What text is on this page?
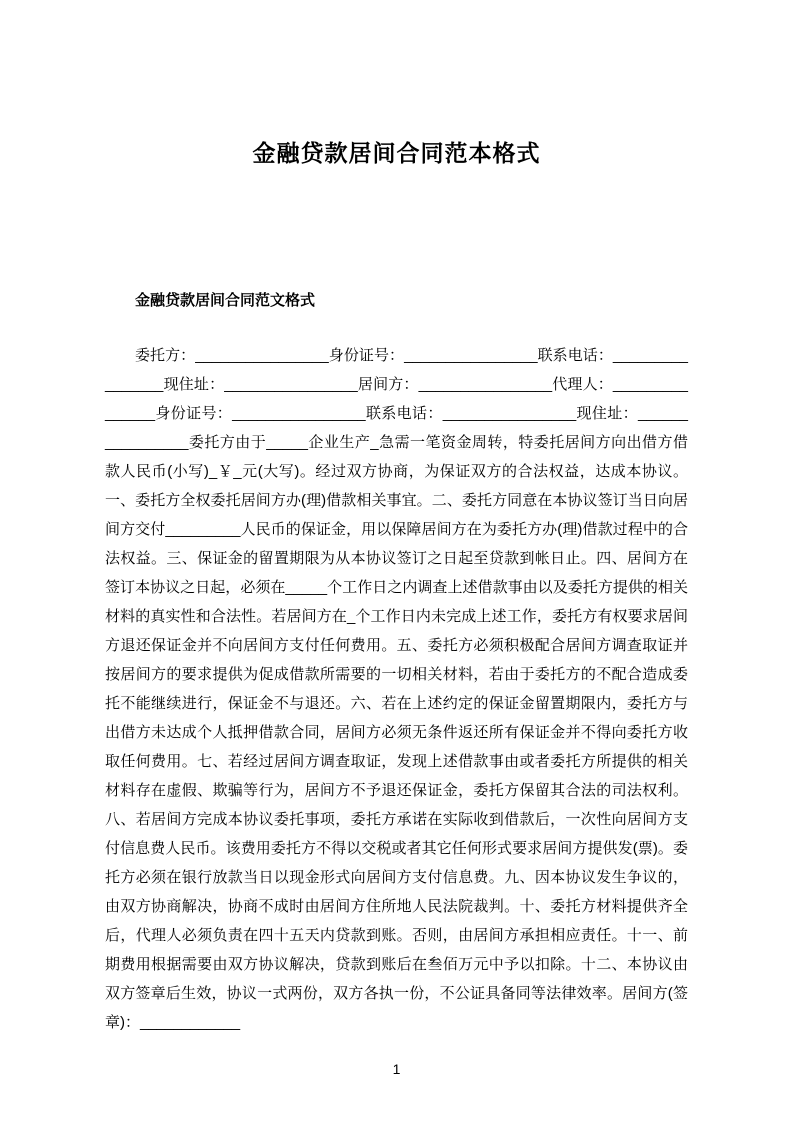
金融贷款居间合同范本格式
金融贷款居间合同范文格式
委托方：________________身份证号：________________联系电话：________________现住址：________________居间方：________________代理人：_______________身份证号：________________联系电话：________________现住址：________________委托方由于_____企业生产_急需一笔资金周转，特委托居间方向出借方借款人民币(小写)_￥_元(大写)。经过双方协商，为保证双方的合法权益，达成本协议。一、委托方全权委托居间方办(理)借款相关事宜。二、委托方同意在本协议签订当日向居间方交付_________人民币的保证金，用以保障居间方在为委托方办(理)借款过程中的合法权益。三、保证金的留置期限为从本协议签订之日起至贷款到帐日止。四、居间方在签订本协议之日起，必须在_____个工作日之内调查上述借款事由以及委托方提供的相关材料的真实性和合法性。若居间方在_个工作日内未完成上述工作，委托方有权要求居间方退还保证金并不向居间方支付任何费用。五、委托方必须积极配合居间方调查取证并按居间方的要求提供为促成借款所需要的一切相关材料，若由于委托方的不配合造成委托不能继续进行，保证金不与退还。六、若在上述约定的保证金留置期限内，委托方与出借方未达成个人抵押借款合同，居间方必须无条件返还所有保证金并不得向委托方收取任何费用。七、若经过居间方调查取证，发现上述借款事由或者委托方所提供的相关材料存在虚假、欺骗等行为，居间方不予退还保证金，委托方保留其合法的司法权利。八、若居间方完成本协议委托事项，委托方承诺在实际收到借款后，一次性向居间方支付信息费人民币。该费用委托方不得以交税或者其它任何形式要求居间方提供发(票)。委托方必须在银行放款当日以现金形式向居间方支付信息费。九、因本协议发生争议的，由双方协商解决，协商不成时由居间方住所地人民法院裁判。十、委托方材料提供齐全后，代理人必须负责在四十五天内贷款到账。否则，由居间方承担相应责任。十一、前期费用根据需要由双方协议解决，贷款到账后在叁佰万元中予以扣除。十二、本协议由双方签章后生效，协议一式两份，双方各执一份，不公证具备同等法律效率。居间方(签章)：____________
1
